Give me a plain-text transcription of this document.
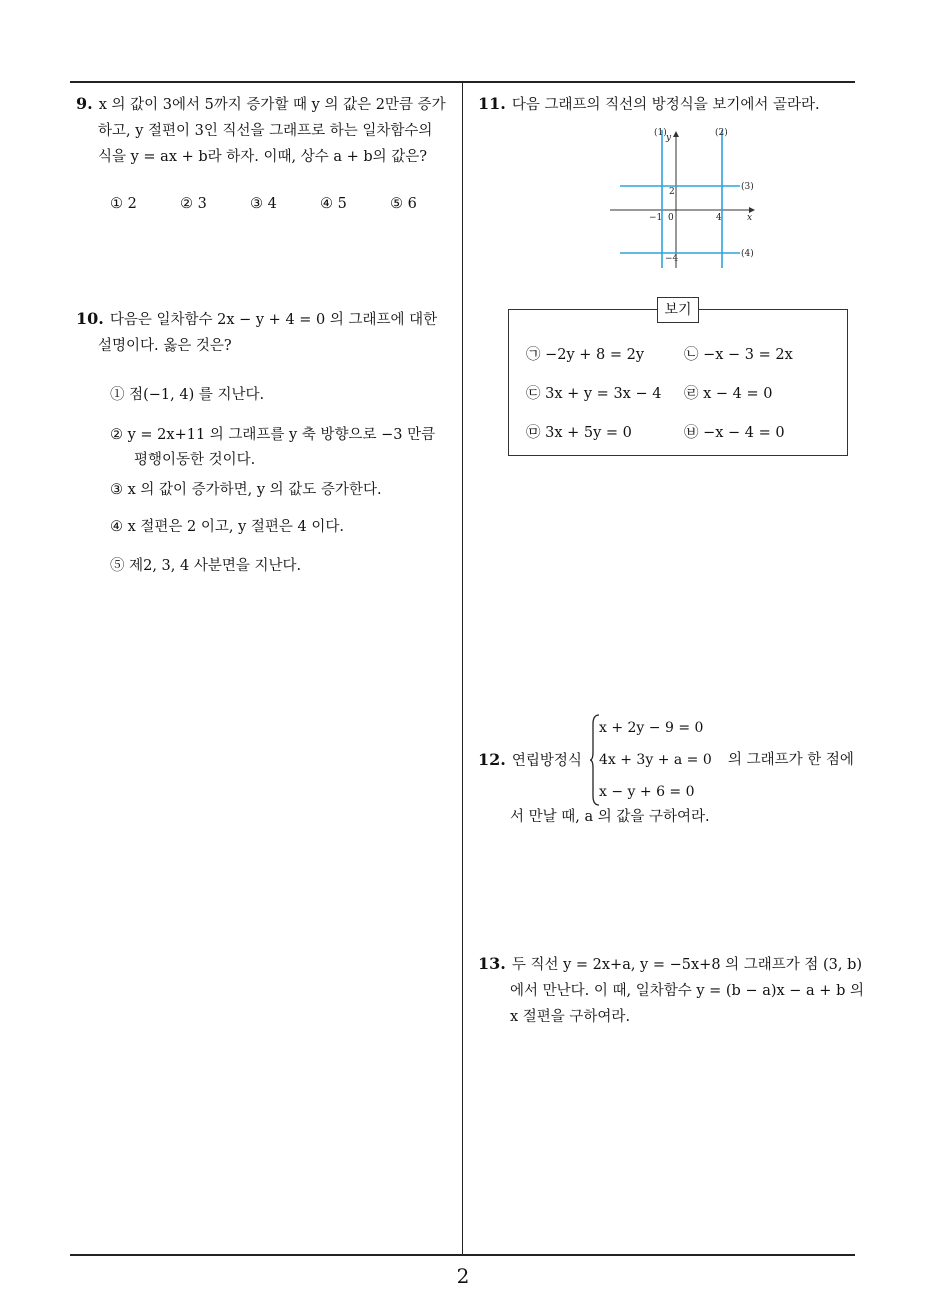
2
9. x 의 값이 3에서 5까지 증가할 때 y 의 값은 2만큼 증가
하고, y 절편이 3인 직선을 그래프로 하는 일차함수의
식을 y = ax + b라 하자. 이때, 상수 a + b의 값은?
① 2	② 3	③ 4	④ 5	⑤ 6
10. 다음은 일차함수 2x − y + 4 = 0 의 그래프에 대한
설명이다. 옳은 것은?
① 점(−1, 4) 를 지난다.
② y = 2x+11 의 그래프를 y 축 방향으로 −3 만큼
평행이동한 것이다.
③ x 의 값이 증가하면, y 의 값도 증가한다.
④ x 절편은 2 이고, y 절편은 4 이다.
⑤ 제2, 3, 4 사분면을 지난다.
11. 다음 그래프의 직선의 방정식을 보기에서 골라라.
(1)	(2)
(3)
(4)
y
x
2
−1 0	4
−4
보기
㉠ −2y + 8 = 2y	㉡ −x − 3 = 2x
㉢ 3x + y = 3x − 4 ㉣ x − 4 = 0
㉤ 3x + 5y = 0	㉥ −x − 4 = 0
12. 연립방정식
x + 2y − 9 = 0
4x + 3y + a = 0
x − y + 6 = 0
의 그래프가 한 점에
서 만날 때, a 의 값을 구하여라.
13. 두 직선 y = 2x+a, y = −5x+8 의 그래프가 점 (3, b)
에서 만난다. 이 때, 일차함수 y = (b − a)x − a + b 의
x 절편을 구하여라.
